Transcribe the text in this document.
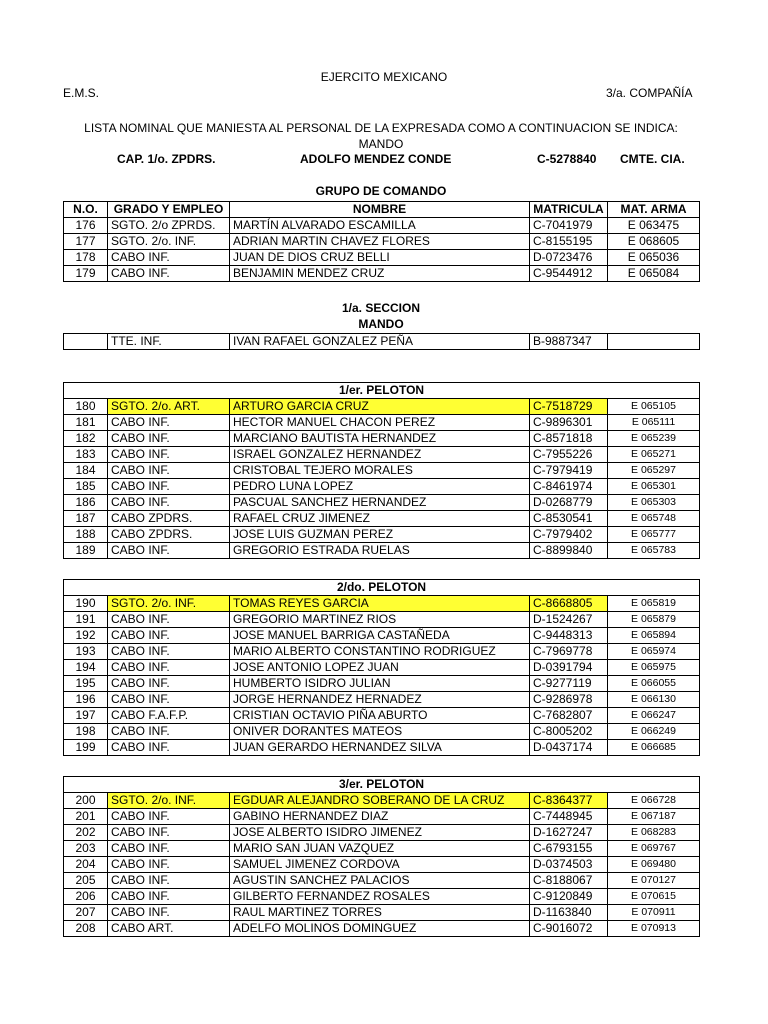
EJERCITO MEXICANO
E.M.S.	3/a. COMPAÑÍA
LISTA NOMINAL QUE MANIESTA AL PERSONAL DE LA EXPRESADA COMO A CONTINUACION SE INDICA:
MANDO
CAP. 1/o. ZPDRS.	ADOLFO MENDEZ CONDE	C-5278840 CMTE. CIA.
GRUPO DE COMANDO
N.O.	GRADO Y EMPLEO	NOMBRE	MATRICULA	MAT. ARMA
176	SGTO. 2/o ZPRDS.	MARTÍN ALVARADO ESCAMILLA	C-7041979	E 063475
177	SGTO. 2/o. INF.	ADRIAN MARTIN CHAVEZ FLORES	C-8155195	E 068605
178	CABO INF.	JUAN DE DIOS CRUZ BELLI	D-0723476	E 065036
179	CABO INF.	BENJAMIN MENDEZ CRUZ	C-9544912	E 065084
1/a. SECCION
MANDO
	TTE. INF.	IVAN RAFAEL GONZALEZ PEÑA	B-9887347	
1/er. PELOTON				
180	SGTO. 2/o. ART.	ARTURO GARCIA CRUZ	C-7518729	E 065105
181	CABO INF.	HECTOR MANUEL CHACON PEREZ	C-9896301	E 065111
182	CABO INF.	MARCIANO BAUTISTA HERNANDEZ	C-8571818	E 065239
183	CABO INF.	ISRAEL GONZALEZ HERNANDEZ	C-7955226	E 065271
184	CABO INF.	CRISTOBAL TEJERO MORALES	C-7979419	E 065297
185	CABO INF.	PEDRO LUNA LOPEZ	C-8461974	E 065301
186	CABO INF.	PASCUAL SANCHEZ HERNANDEZ	D-0268779	E 065303
187	CABO ZPDRS.	RAFAEL CRUZ JIMENEZ	C-8530541	E 065748
188	CABO ZPDRS.	JOSE LUIS GUZMAN PEREZ	C-7979402	E 065777
189	CABO INF.	GREGORIO ESTRADA RUELAS	C-8899840	E 065783
2/do. PELOTON				
190	SGTO. 2/o. INF.	TOMAS REYES GARCIA	C-8668805	E 065819
191	CABO INF.	GREGORIO MARTINEZ RIOS	D-1524267	E 065879
192	CABO INF.	JOSE MANUEL BARRIGA CASTAÑEDA	C-9448313	E 065894
193	CABO INF.	MARIO ALBERTO CONSTANTINO RODRIGUEZ	C-7969778	E 065974
194	CABO INF.	JOSE ANTONIO LOPEZ JUAN	D-0391794	E 065975
195	CABO INF.	HUMBERTO ISIDRO JULIAN	C-9277119	E 066055
196	CABO INF.	JORGE HERNANDEZ HERNADEZ	C-9286978	E 066130
197	CABO F.A.F.P.	CRISTIAN OCTAVIO PIÑA ABURTO	C-7682807	E 066247
198	CABO INF.	ONIVER DORANTES MATEOS	C-8005202	E 066249
199	CABO INF.	JUAN GERARDO HERNANDEZ SILVA	D-0437174	E 066685
3/er. PELOTON				
200	SGTO. 2/o. INF.	EGDUAR ALEJANDRO SOBERANO DE LA CRUZ	C-8364377	E 066728
201	CABO INF.	GABINO HERNANDEZ DIAZ	C-7448945	E 067187
202	CABO INF.	JOSE ALBERTO ISIDRO JIMENEZ	D-1627247	E 068283
203	CABO INF.	MARIO SAN JUAN VAZQUEZ	C-6793155	E 069767
204	CABO INF.	SAMUEL JIMENEZ CORDOVA	D-0374503	E 069480
205	CABO INF.	AGUSTIN SANCHEZ PALACIOS	C-8188067	E 070127
206	CABO INF.	GILBERTO FERNANDEZ ROSALES	C-9120849	E 070615
207	CABO INF.	RAUL MARTINEZ TORRES	D-1163840	E 070911
208	CABO ART.	ADELFO MOLINOS DOMINGUEZ	C-9016072	E 070913
